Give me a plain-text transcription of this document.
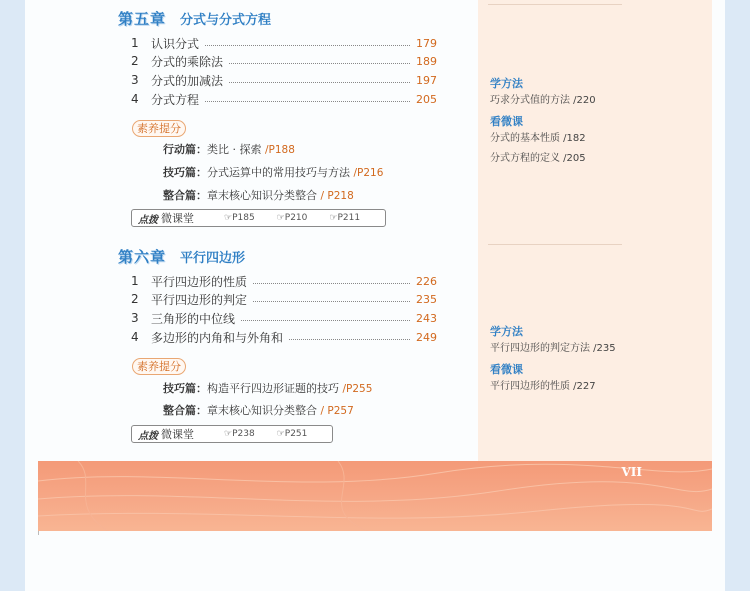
第五章 分式与分式方程
1	认识分式	179
2	分式的乘除法	189
3	分式的加减法	197
4	分式方程	205
素养提分
行动篇：类比 · 探索 /P188
技巧篇：分式运算中的常用技巧与方法 /P216
整合篇：章末核心知识分类整合 / P218
点拨 微课堂	☞P185 ☞P210 ☞P211
学方法
巧求分式值的方法 /220
看微课
分式的基本性质 /182
分式方程的定义 /205
第六章 平行四边形
1	平行四边形的性质	226
2	平行四边形的判定	235
3	三角形的中位线	243
4	多边形的内角和与外角和	249
素养提分
技巧篇：构造平行四边形证题的技巧 /P255
整合篇：章末核心知识分类整合 / P257
点拨 微课堂	☞P238 ☞P251
学方法
平行四边形的判定方法 /235
看微课
平行四边形的性质 /227
VII
